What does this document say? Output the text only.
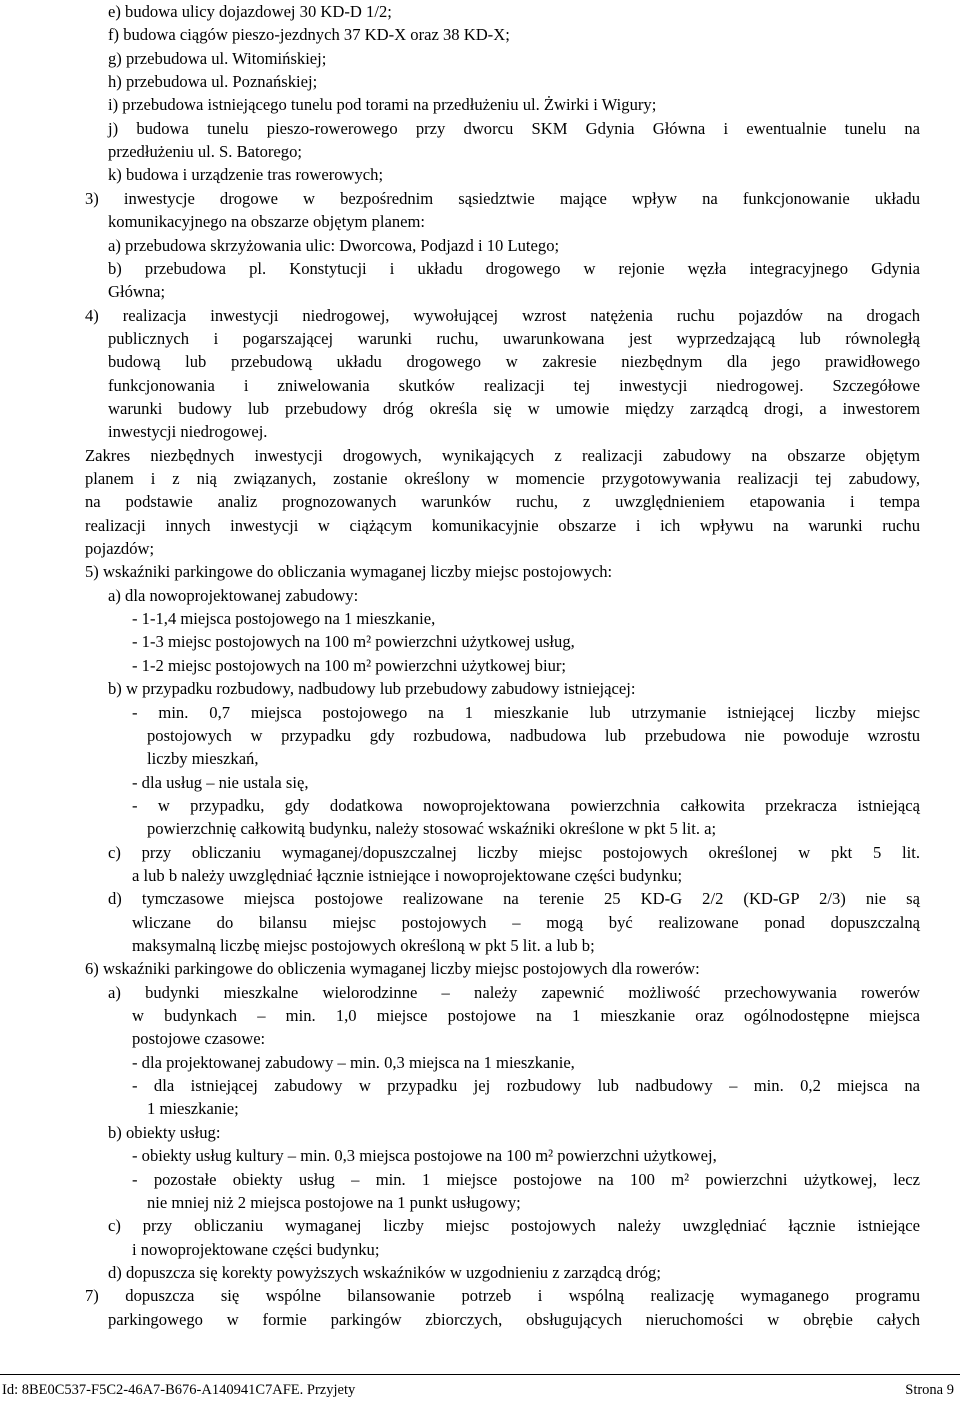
e) budowa ulicy dojazdowej 30 KD-D 1/2;
f) budowa ciągów pieszo-jezdnych 37 KD-X oraz 38 KD-X;
g) przebudowa ul. Witomińskiej;
h) przebudowa ul. Poznańskiej;
i) przebudowa istniejącego tunelu pod torami na przedłużeniu ul. Żwirki i Wigury;
j) budowa tunelu pieszo-rowerowego przy dworcu SKM Gdynia Główna i ewentualnie tunelu na
przedłużeniu ul. S. Batorego;
k) budowa i urządzenie tras rowerowych;
3) inwestycje drogowe w bezpośrednim sąsiedztwie mające wpływ na funkcjonowanie układu
komunikacyjnego na obszarze objętym planem:
a) przebudowa skrzyżowania ulic: Dworcowa, Podjazd i 10 Lutego;
b) przebudowa pl. Konstytucji i układu drogowego w rejonie węzła integracyjnego Gdynia
Głównа;
4) realizacja inwestycji niedrogowej, wywołującej wzrost natężenia ruchu pojazdów na drogach
publicznych i pogarszającej warunki ruchu, uwarunkowana jest wyprzedzającą lub równoległą
budową lub przebudową układu drogowego w zakresie niezbędnym dla jego prawidłowego
funkcjonowania i zniwelowania skutków realizacji tej inwestycji niedrogowej. Szczegółowe
warunki budowy lub przebudowy dróg określa się w umowie między zarządcą drogi, a inwestorem
inwestycji niedrogowej.
Zakres niezbędnych inwestycji drogowych, wynikających z realizacji zabudowy na obszarze objętym
planem i z nią związanych, zostanie określony w momencie przygotowywania realizacji tej zabudowy,
na podstawie analiz prognozowanych warunków ruchu, z uwzględnieniem etapowania i tempa
realizacji innych inwestycji w ciążącym komunikacyjnie obszarze i ich wpływu na warunki ruchu
pojazdów;
5) wskaźniki parkingowe do obliczania wymaganej liczby miejsc postojowych:
a) dla nowoprojektowanej zabudowy:
- 1-1,4 miejsca postojowego na 1 mieszkanie,
- 1-3 miejsc postojowych na 100 m² powierzchni użytkowej usług,
- 1-2 miejsc postojowych na 100 m² powierzchni użytkowej biur;
b) w przypadku rozbudowy, nadbudowy lub przebudowy zabudowy istniejącej:
- min. 0,7 miejsca postojowego na 1 mieszkanie lub utrzymanie istniejącej liczby miejsc
postojowych w przypadku gdy rozbudowa, nadbudowa lub przebudowa nie powoduje wzrostu
liczby mieszkań,
- dla usług – nie ustala się,
- w przypadku, gdy dodatkowa nowoprojektowana powierzchnia całkowita przekracza istniejącą
powierzchnię całkowitą budynku, należy stosować wskaźniki określone w pkt 5 lit. a;
c) przy obliczaniu wymaganej/dopuszczalnej liczby miejsc postojowych określonej w pkt 5 lit.
a lub b należy uwzględniać łącznie istniejące i nowoprojektowane części budynku;
d) tymczasowe miejsca postojowe realizowane na terenie 25 KD-G 2/2 (KD-GP 2/3) nie są
wliczane do bilansu miejsc postojowych – mogą być realizowane ponad dopuszczalną
maksymalną liczbę miejsc postojowych określoną w pkt 5 lit. a lub b;
6) wskaźniki parkingowe do obliczenia wymaganej liczby miejsc postojowych dla rowerów:
a) budynki mieszkalne wielorodzinne – należy zapewnić możliwość przechowywania rowerów
w budynkach – min. 1,0 miejsce postojowe na 1 mieszkanie oraz ogólnodostępne miejsca
postojowe czasowe:
- dla projektowanej zabudowy – min. 0,3 miejsca na 1 mieszkanie,
- dla istniejącej zabudowy w przypadku jej rozbudowy lub nadbudowy – min. 0,2 miejsca na
1 mieszkanie;
b) obiekty usług:
- obiekty usług kultury – min. 0,3 miejsca postojowe na 100 m² powierzchni użytkowej,
- pozostałe obiekty usług – min. 1 miejsce postojowe na 100 m² powierzchni użytkowej, lecz
nie mniej niż 2 miejsca postojowe na 1 punkt usługowy;
c) przy obliczaniu wymaganej liczby miejsc postojowych należy uwzględniać łącznie istniejące
i nowoprojektowane części budynku;
d) dopuszcza się korekty powyższych wskaźników w uzgodnieniu z zarządcą dróg;
7) dopuszcza się wspólne bilansowanie potrzeb i wspólną realizację wymaganego programu
parkingowego w formie parkingów zbiorczych, obsługujących nieruchomości w obrębie całych
Id: 8BE0C537-F5C2-46A7-B676-A140941C7AFE. Przyjety	Strona 9
